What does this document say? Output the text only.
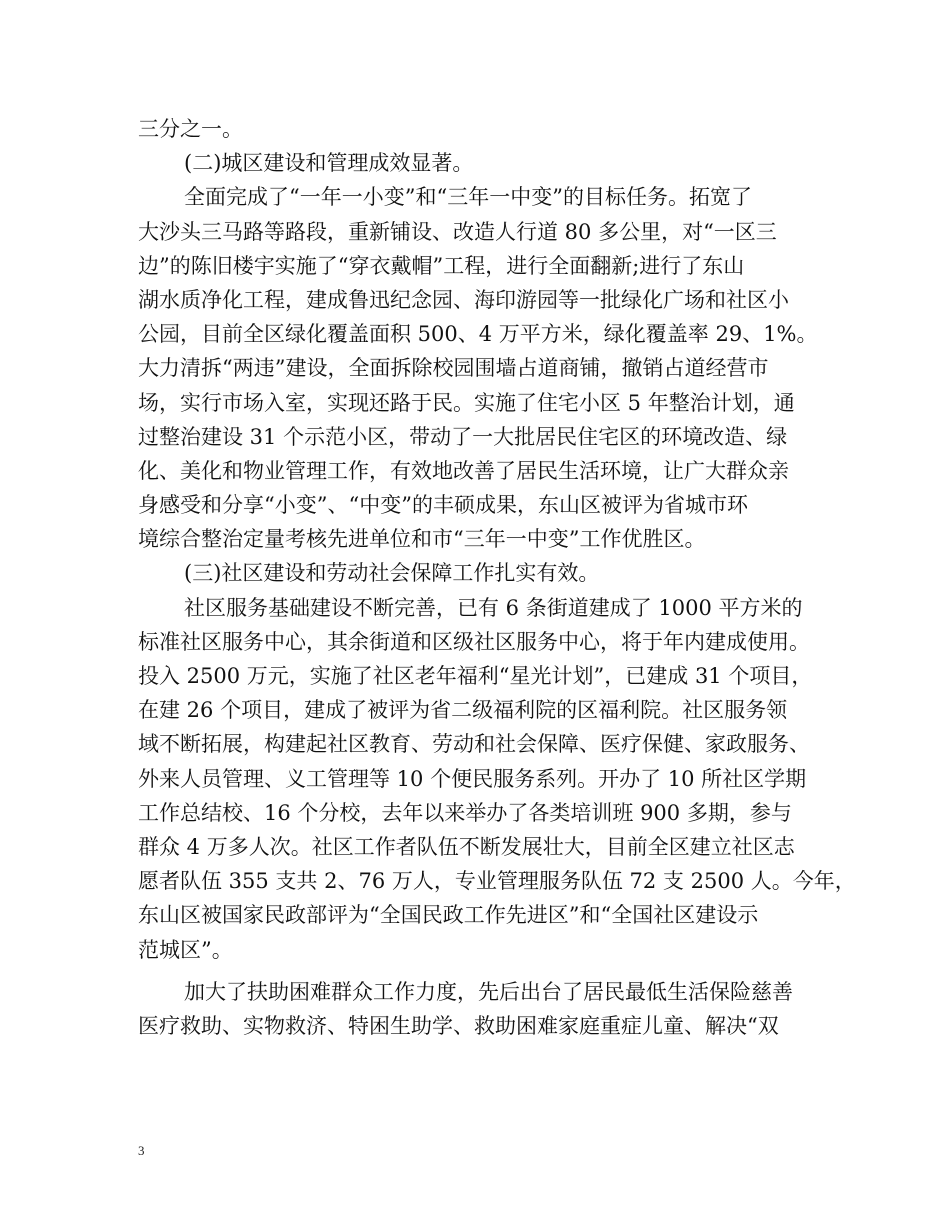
三分之一。
(二)城区建设和管理成效显著。
全面完成了“一年一小变”和“三年一中变”的目标任务。拓宽了
大沙头三马路等路段，重新铺设、改造人行道 80 多公里，对“一区三
边”的陈旧楼宇实施了“穿衣戴帽”工程，进行全面翻新;进行了东山
湖水质净化工程，建成鲁迅纪念园、海印游园等一批绿化广场和社区小
公园，目前全区绿化覆盖面积 500、4 万平方米，绿化覆盖率 29、1%。
大力清拆“两违”建设，全面拆除校园围墙占道商铺，撤销占道经营市
场，实行市场入室，实现还路于民。实施了住宅小区 5 年整治计划，通
过整治建设 31 个示范小区，带动了一大批居民住宅区的环境改造、绿
化、美化和物业管理工作，有效地改善了居民生活环境，让广大群众亲
身感受和分享“小变”、“中变”的丰硕成果，东山区被评为省城市环
境综合整治定量考核先进单位和市“三年一中变”工作优胜区。
(三)社区建设和劳动社会保障工作扎实有效。
社区服务基础建设不断完善，已有 6 条街道建成了 1000 平方米的
标准社区服务中心，其余街道和区级社区服务中心，将于年内建成使用。
投入 2500 万元，实施了社区老年福利“星光计划”，已建成 31 个项目，
在建 26 个项目，建成了被评为省二级福利院的区福利院。社区服务领
域不断拓展，构建起社区教育、劳动和社会保障、医疗保健、家政服务、
外来人员管理、义工管理等 10 个便民服务系列。开办了 10 所社区学期
工作总结校、16 个分校，去年以来举办了各类培训班 900 多期，参与
群众 4 万多人次。社区工作者队伍不断发展壮大，目前全区建立社区志
愿者队伍 355 支共 2、76 万人，专业管理服务队伍 72 支 2500 人。今年，
东山区被国家民政部评为“全国民政工作先进区”和“全国社区建设示
范城区”。
加大了扶助困难群众工作力度，先后出台了居民最低生活保险慈善
医疗救助、实物救济、特困生助学、救助困难家庭重症儿童、解决“双
3
